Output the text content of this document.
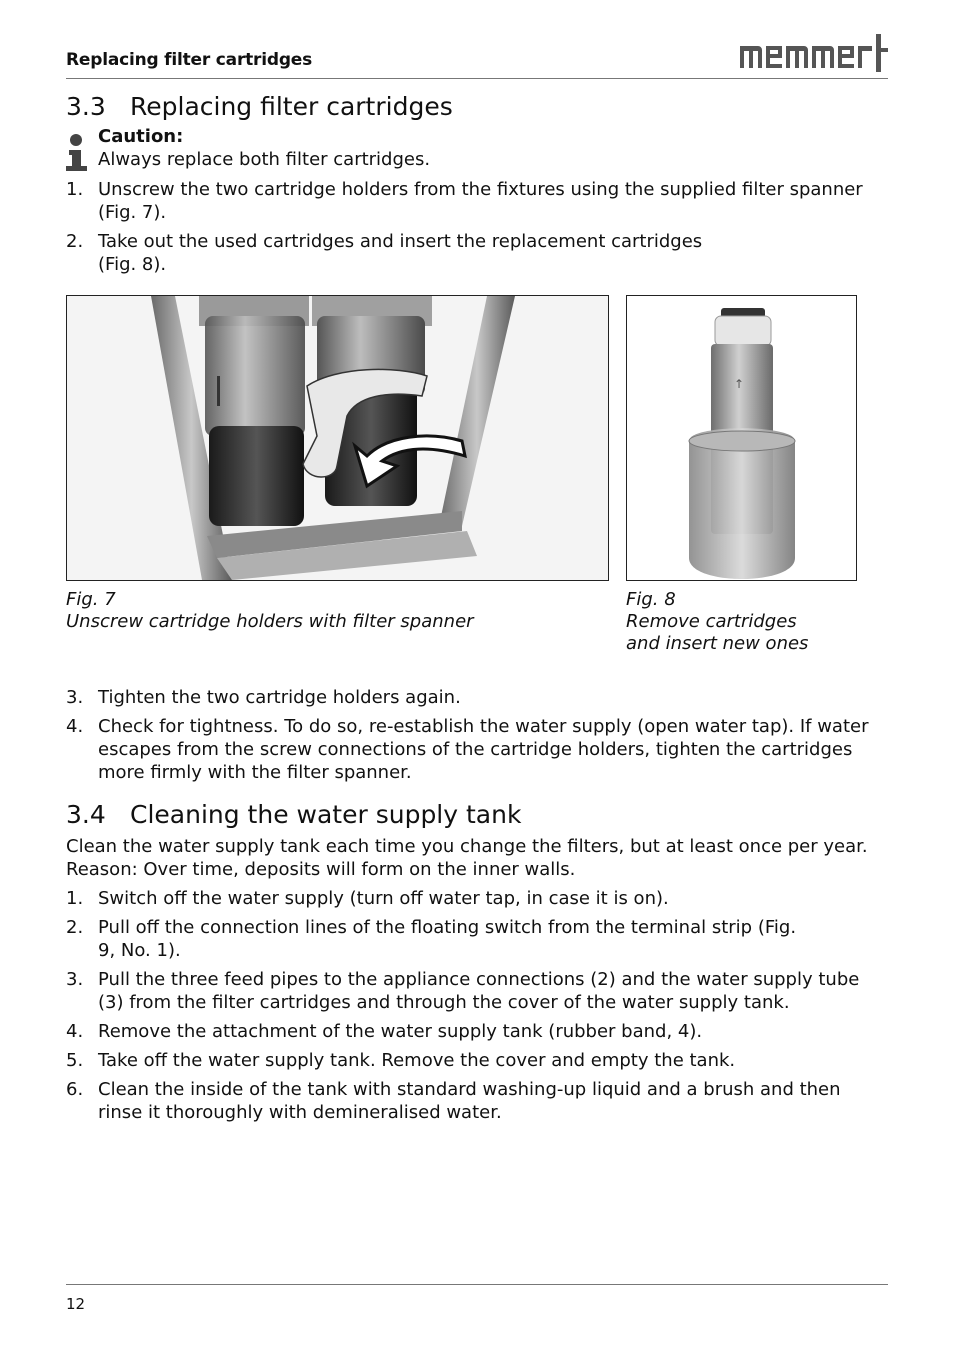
Replacing filter cartridges
3.3 Replacing filter cartridges
Caution:
Always replace both filter cartridges.
1. Unscrew the two cartridge holders from the fixtures using the supplied filter spanner (Fig. 7).
2. Take out the used cartridges and insert the replacement cartridges (Fig. 8).
↑
Fig. 7
Unscrew cartridge holders with filter spanner
Fig. 8
Remove cartridges and insert new ones
3. Tighten the two cartridge holders again.
4. Check for tightness. To do so, re-establish the water supply (open water tap). If water escapes from the screw connections of the cartridge holders, tighten the cartridges more firmly with the filter spanner.
3.4 Cleaning the water supply tank
Clean the water supply tank each time you change the filters, but at least once per year. Reason: Over time, deposits will form on the inner walls.
1. Switch off the water supply (turn off water tap, in case it is on).
2. Pull off the connection lines of the floating switch from the terminal strip (Fig. 9, No. 1).
3. Pull the three feed pipes to the appliance connections (2) and the water supply tube (3) from the filter cartridges and through the cover of the water supply tank.
4. Remove the attachment of the water supply tank (rubber band, 4).
5. Take off the water supply tank. Remove the cover and empty the tank.
6. Clean the inside of the tank with standard washing-up liquid and a brush and then rinse it thoroughly with demineralised water.
12
